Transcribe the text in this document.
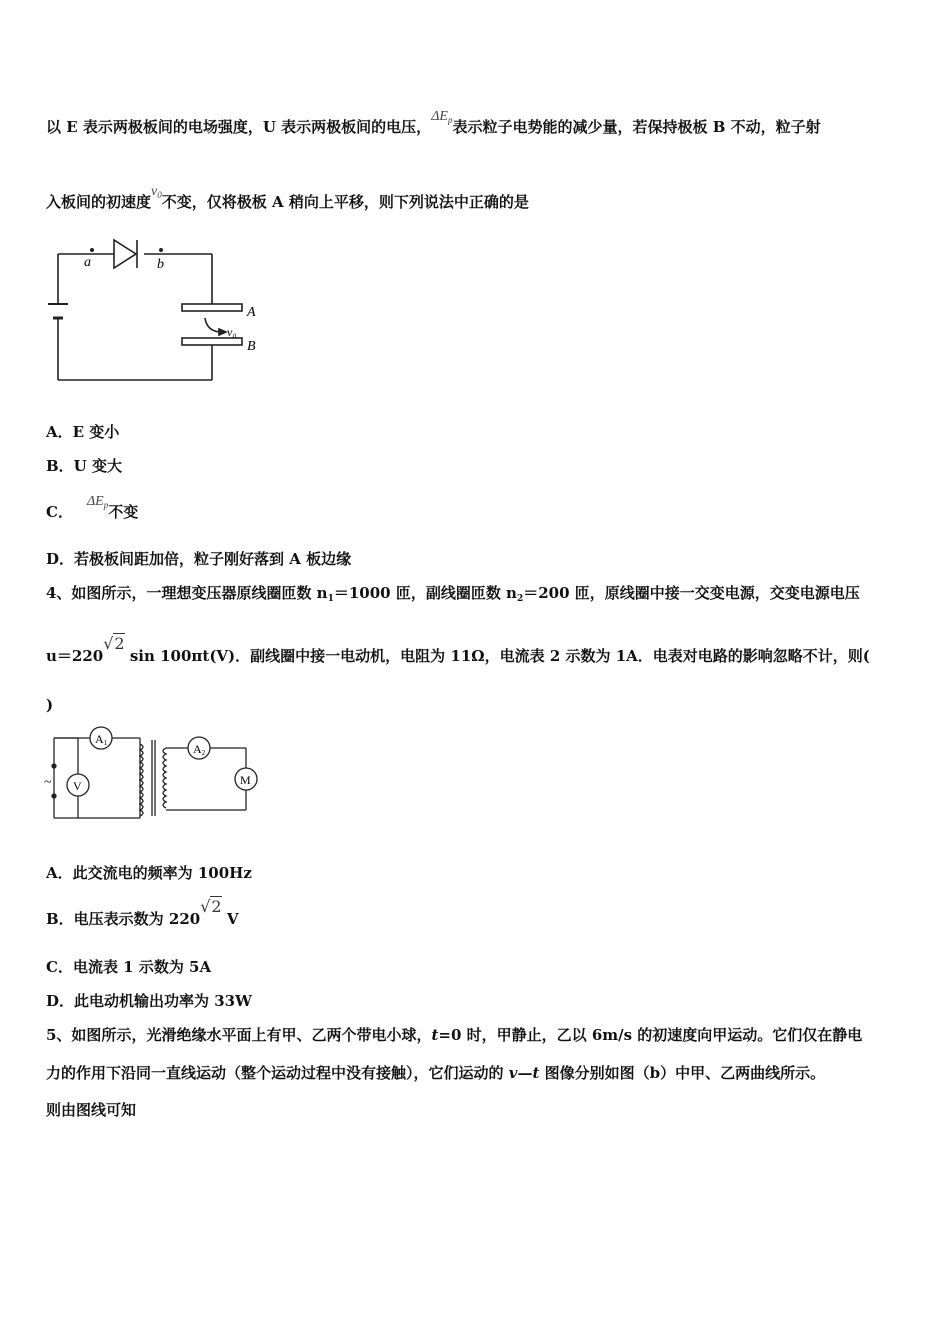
以 E 表示两极板间的电场强度，U 表示两极板间的电压，$\Delta E_p$表示粒子电势能的减少量，若保持极板 B 不动，粒子射
入板间的初速度$v_0$不变，仅将极板 A 稍向上平移，则下列说法中正确的是
a	b
A
B
v₀
A．E 变小
B．U 变大
C．$\Delta E_p$不变
D．若极板间距加倍，粒子刚好落到 A 板边缘
4、如图所示，一理想变压器原线圈匝数 $n_1=1000$ 匝，副线圈匝数 $n_2=200$ 匝，原线圈中接一交变电源，交变电源电压
u＝220√2 sin 100πt(V)．副线圈中接一电动机，电阻为 11Ω，电流表 2 示数为 1A．电表对电路的影响忽略不计，则(
)
A1
V
A2
M
~
A．此交流电的频率为 100Hz
B．电压表示数为 220√2 V
C．电流表 1 示数为 5A
D．此电动机输出功率为 33W
5、如图所示，光滑绝缘水平面上有甲、乙两个带电小球，t=0 时，甲静止，乙以 6m/s 的初速度向甲运动。它们仅在静电
力的作用下沿同一直线运动（整个运动过程中没有接触），它们运动的 v—t 图像分别如图（b）中甲、乙两曲线所示。
则由图线可知
